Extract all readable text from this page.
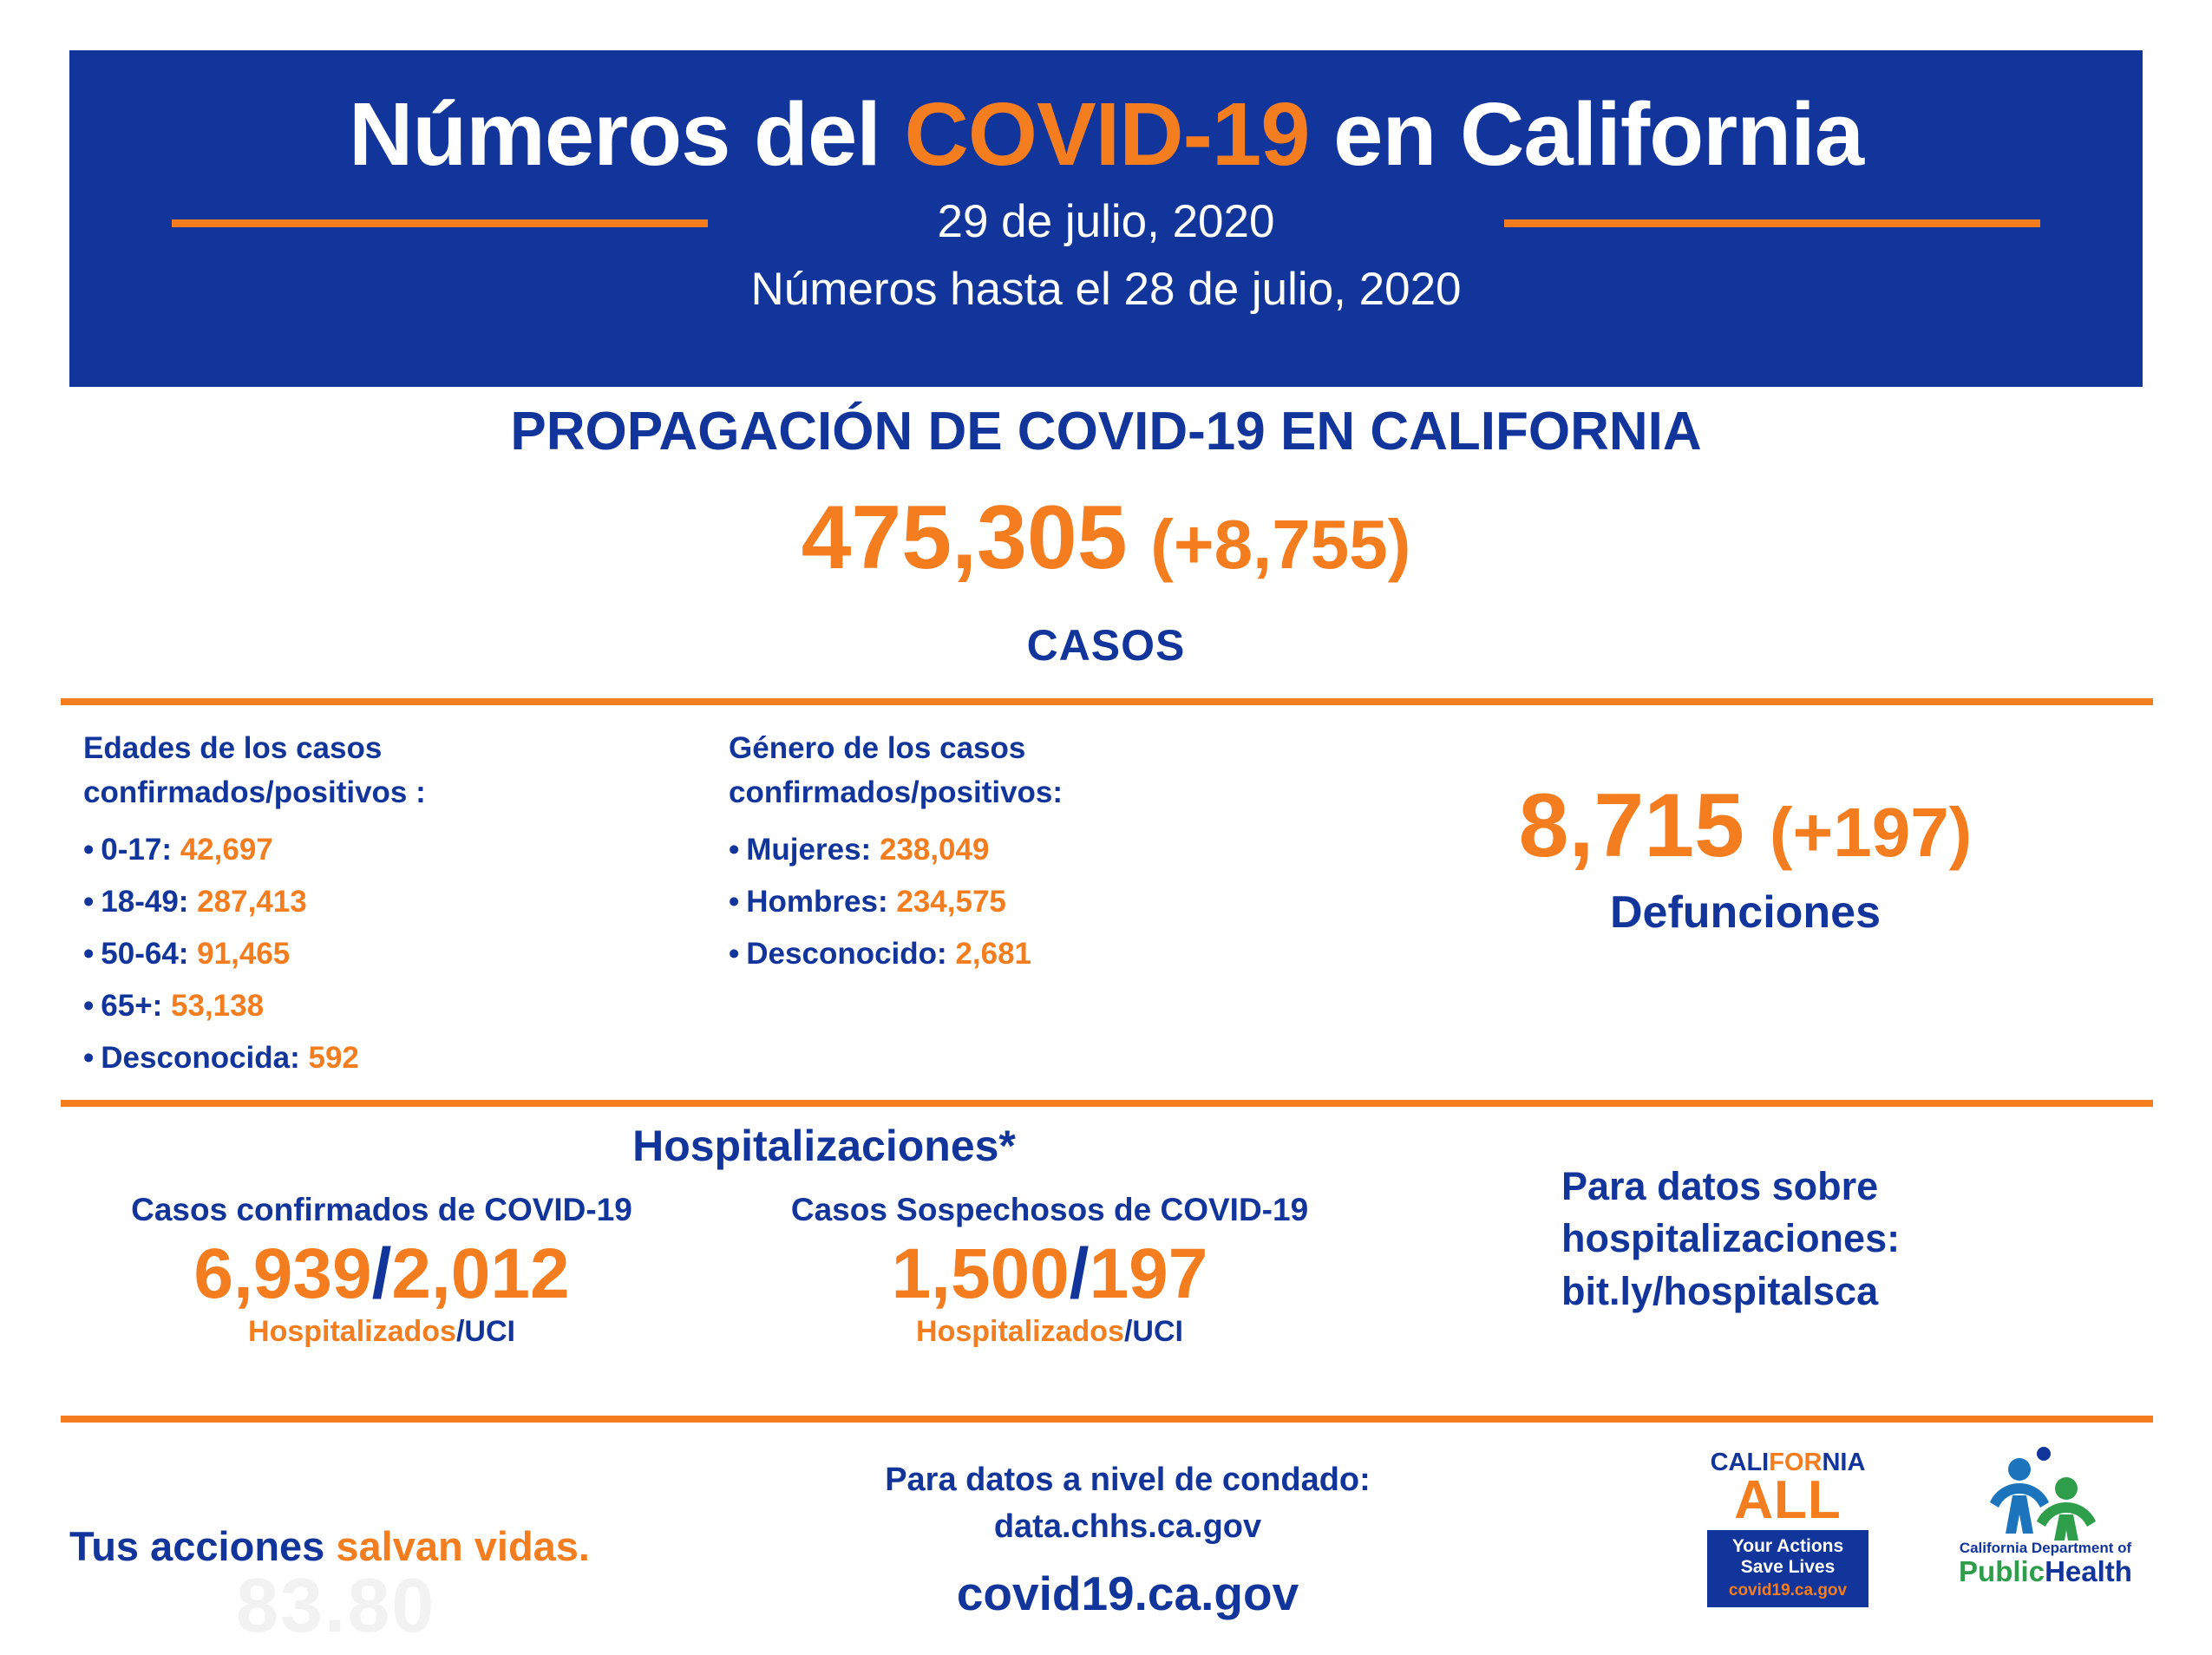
Números del COVID-19 en California
29 de julio, 2020
Números hasta el 28 de julio, 2020
PROPAGACIÓN DE COVID-19 EN CALIFORNIA
475,305 (+8,755)
CASOS
Edades de los casos
confirmados/positivos :
• 0-17: 42,697
• 18-49: 287,413
• 50-64: 91,465
• 65+: 53,138
• Desconocida: 592
Género de los casos
confirmados/positivos:
• Mujeres: 238,049
• Hombres: 234,575
• Desconocido: 2,681
8,715 (+197)
Defunciones
Hospitalizaciones*
Casos confirmados de COVID-19
6,939/2,012
Hospitalizados/UCI
Casos Sospechosos de COVID-19
1,500/197
Hospitalizados/UCI
Para datos sobre
hospitalizaciones:
bit.ly/hospitalsca
83.80
Tus acciones salvan vidas.
Para datos a nivel de condado:
data.chhs.ca.gov
covid19.ca.gov
CALIFORNIA
ALL
Your Actions
Save Lives
covid19.ca.gov
California Department of
PublicHealth
